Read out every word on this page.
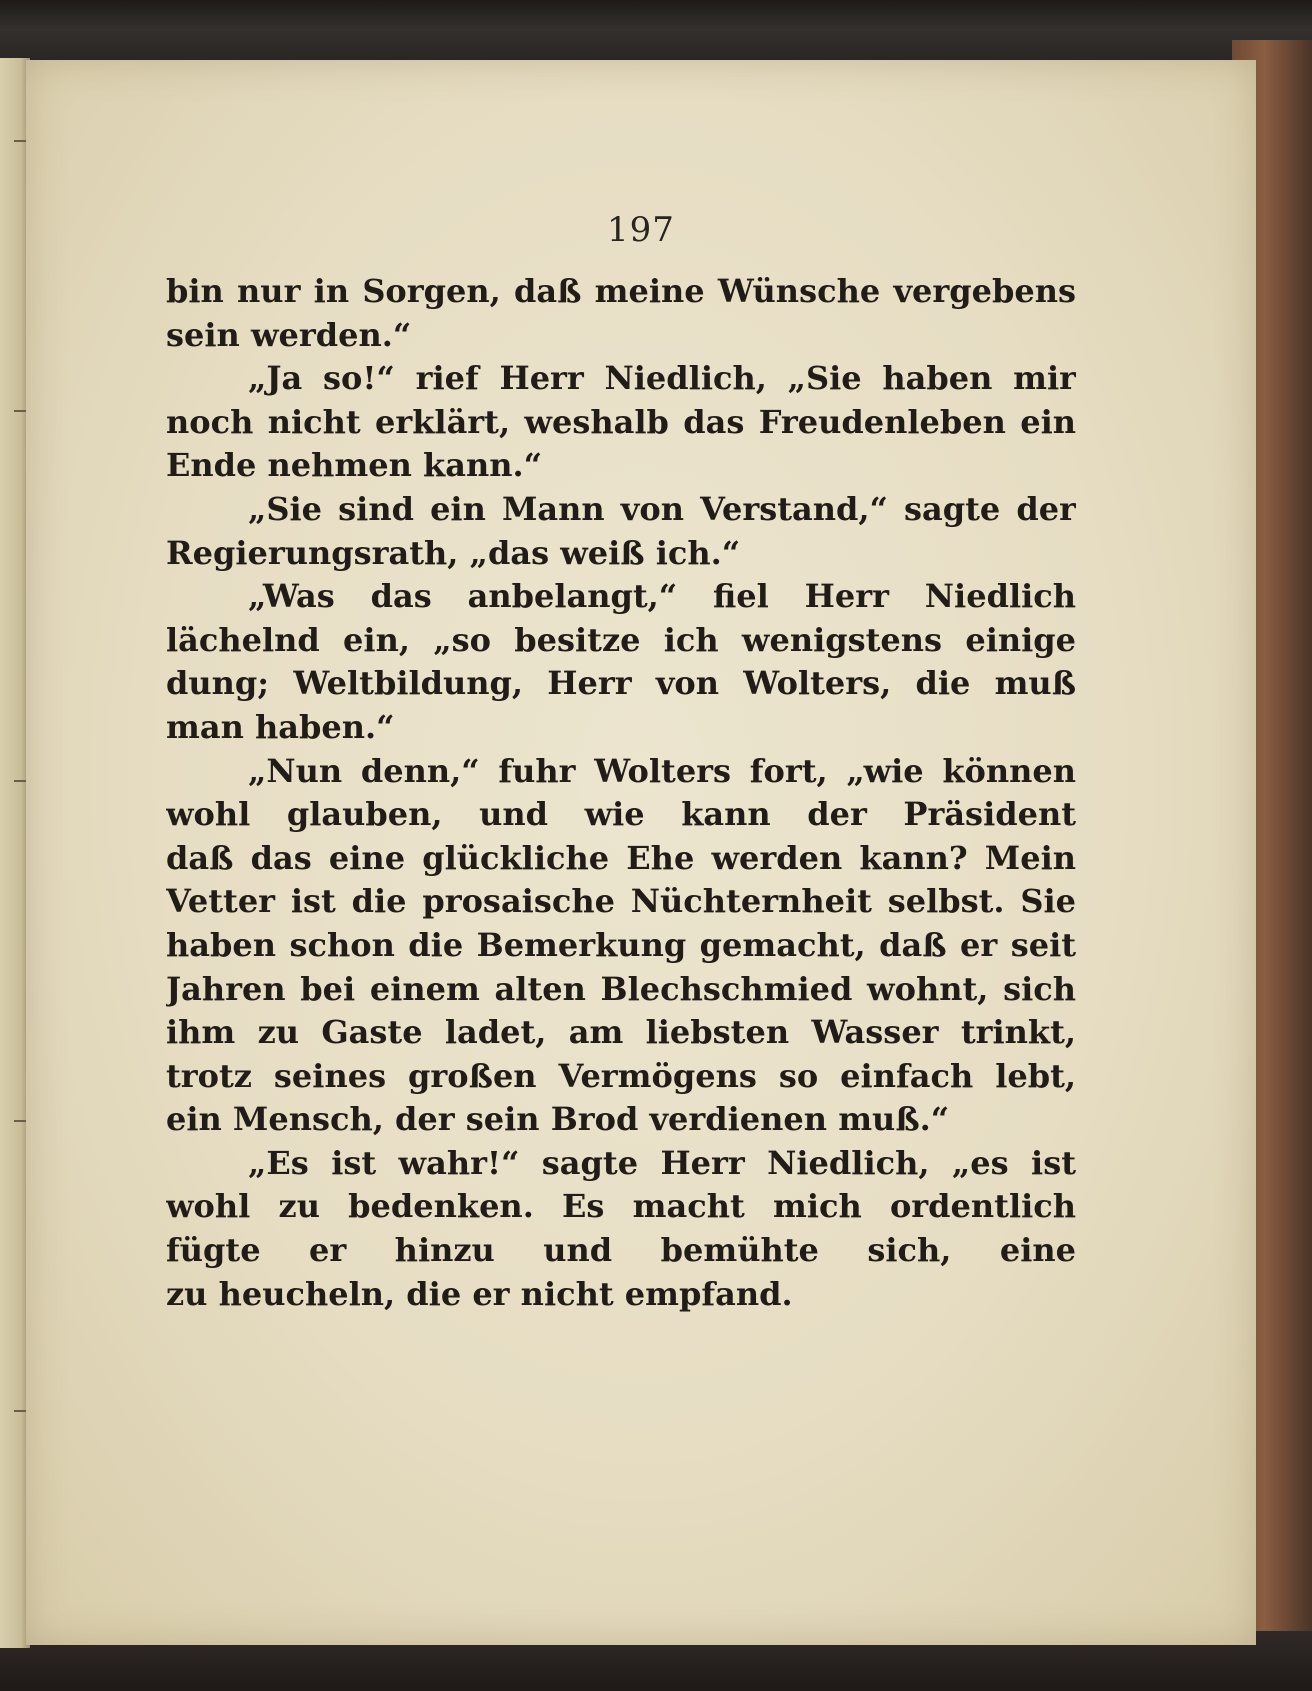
197
bin nur in Sorgen, daß meine Wünsche vergebens
sein werden.“
„Ja so!“ rief Herr Niedlich, „Sie haben mir
noch nicht erklärt, weshalb das Freudenleben ein
Ende nehmen kann.“
„Sie sind ein Mann von Verstand,“ sagte der
Regierungsrath, „das weiß ich.“
„Was das anbelangt,“ fiel Herr Niedlich
lächelnd ein, „so besitze ich wenigstens einige
dung; Weltbildung, Herr von Wolters, die muß
man haben.“
„Nun denn,“ fuhr Wolters fort, „wie können
wohl glauben, und wie kann der Präsident
daß das eine glückliche Ehe werden kann? Mein
Vetter ist die prosaische Nüchternheit selbst. Sie
haben schon die Bemerkung gemacht, daß er seit
Jahren bei einem alten Blechschmied wohnt, sich
ihm zu Gaste ladet, am liebsten Wasser trinkt,
trotz seines großen Vermögens so einfach lebt,
ein Mensch, der sein Brod verdienen muß.“
„Es ist wahr!“ sagte Herr Niedlich, „es ist
wohl zu bedenken. Es macht mich ordentlich
fügte er hinzu und bemühte sich, eine
zu heucheln, die er nicht empfand.
